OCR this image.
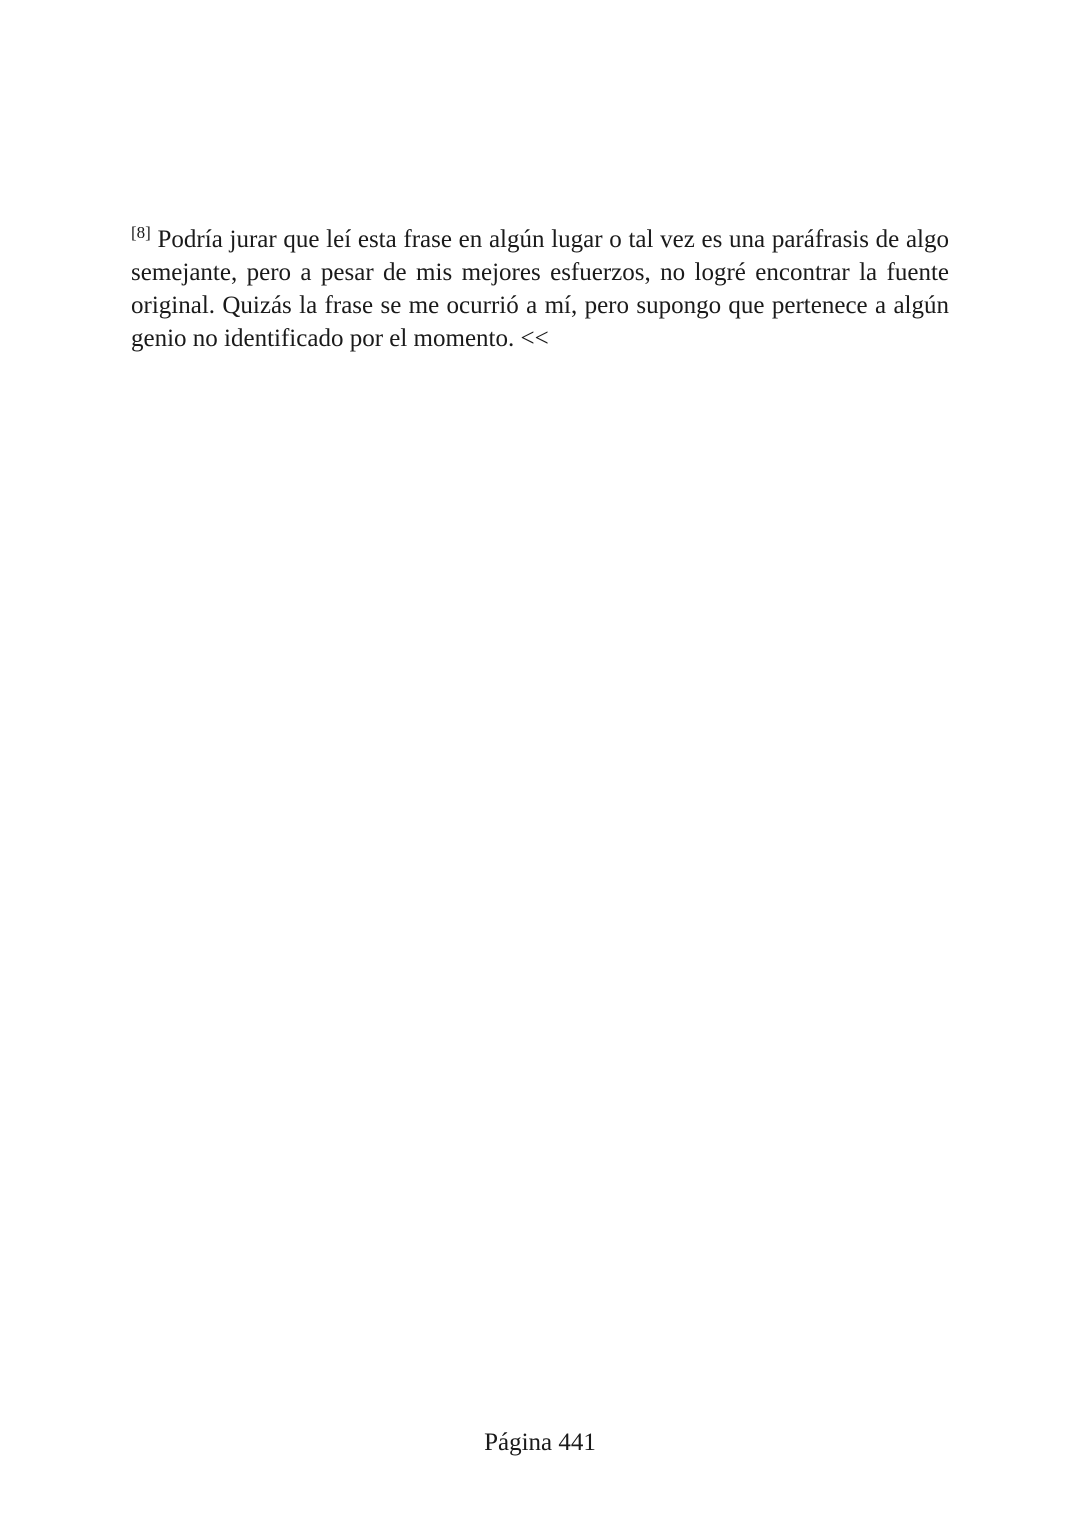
[8] Podría jurar que leí esta frase en algún lugar o tal vez es una paráfrasis de algo semejante, pero a pesar de mis mejores esfuerzos, no logré encontrar la fuente original. Quizás la frase se me ocurrió a mí, pero supongo que pertenece a algún genio no identificado por el momento. <<

Página 441
